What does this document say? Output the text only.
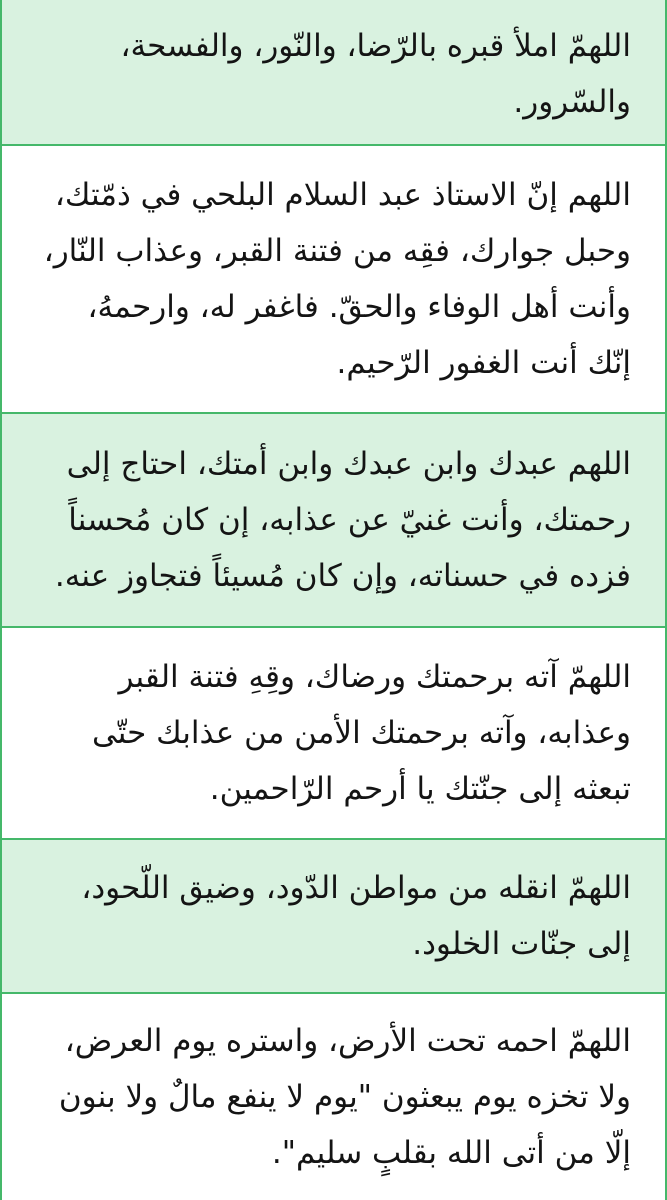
اللهمّ املأ قبره بالرّضا، والنّور، والفسحة، والسّرور.

اللهم إنّ الاستاذ عبد السلام البلحي في ذمّتك، وحبل جوارك، فقِه من فتنة القبر، وعذاب النّار، وأنت أهل الوفاء والحقّ. فاغفر له، وارحمهُ، إنّك أنت الغفور الرّحيم.

اللهم عبدك وابن عبدك وابن أمتك، احتاج إلى رحمتك، وأنت غنيّ عن عذابه، إن كان مُحسناً فزده في حسناته، وإن كان مُسيئاً فتجاوز عنه.

اللهمّ آته برحمتك ورضاك، وقِهِ فتنة القبر وعذابه، وآته برحمتك الأمن من عذابك حتّى تبعثه إلى جنّتك يا أرحم الرّاحمين.

اللهمّ انقله من مواطن الدّود، وضيق اللّحود، إلى جنّات الخلود.

اللهمّ احمه تحت الأرض، واستره يوم العرض، ولا تخزه يوم يبعثون "يوم لا ينفع مالٌ ولا بنون إلّا من أتى الله بقلبٍ سليم".
